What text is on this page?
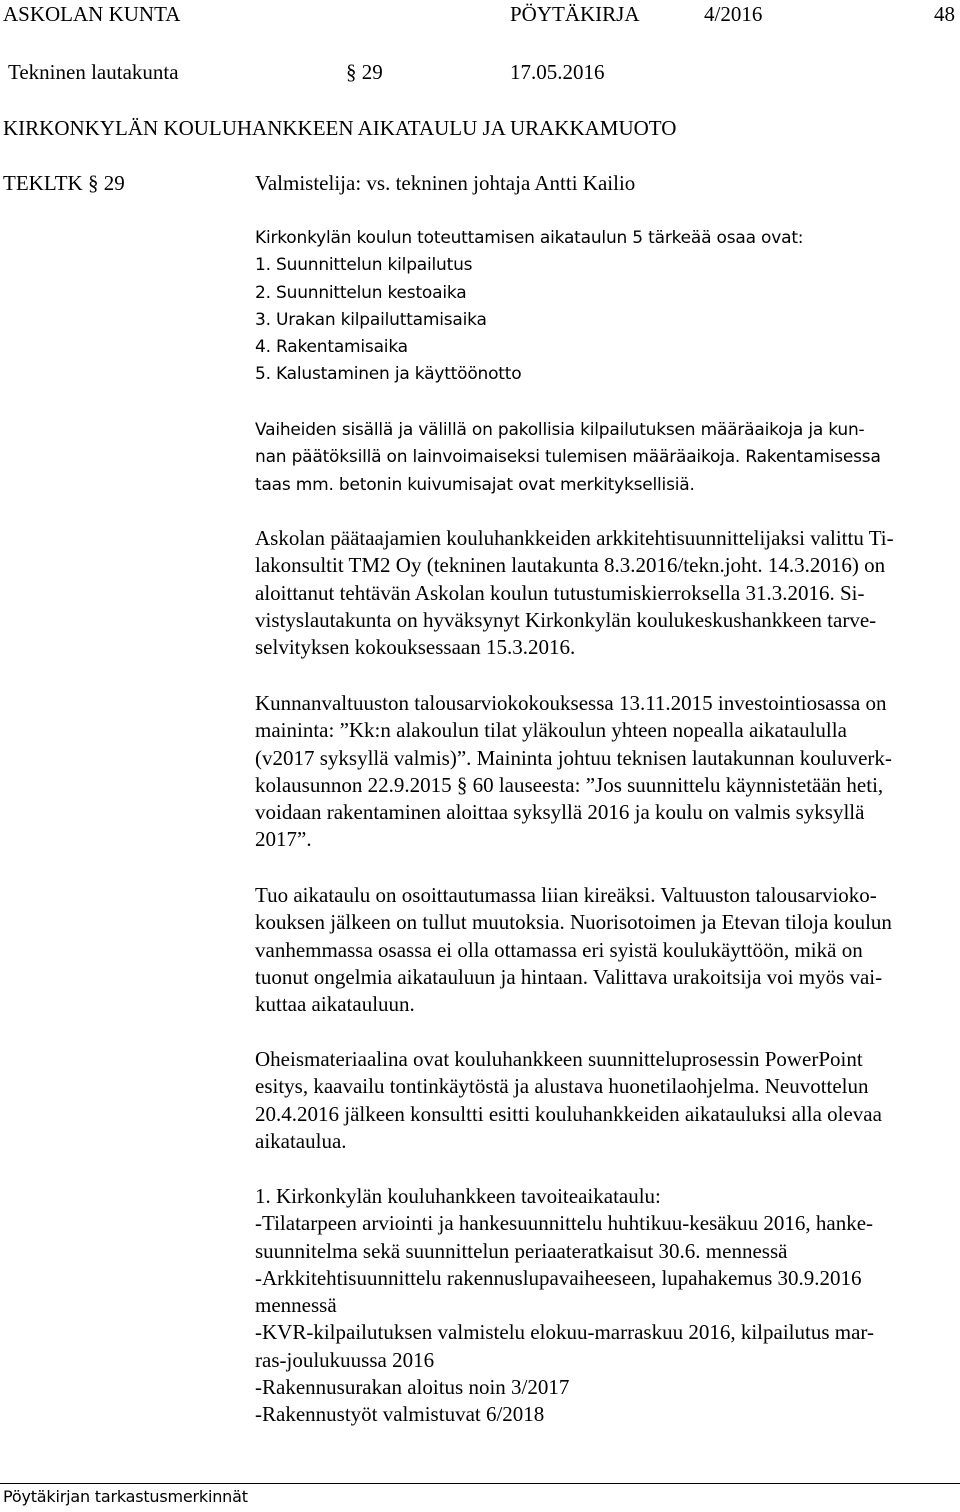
ASKOLAN KUNTA	PÖYTÄKIRJA	4/2016	48
Tekninen lautakunta	§ 29	17.05.2016
KIRKONKYLÄN KOULUHANKKEEN AIKATAULU JA URAKKAMUOTO
TEKLTK § 29	Valmistelija: vs. tekninen johtaja Antti Kailio
Kirkonkylän koulun toteuttamisen aikataulun 5 tärkeää osaa ovat:
1. Suunnittelun kilpailutus
2. Suunnittelun kestoaika
3. Urakan kilpailuttamisaika
4. Rakentamisaika
5. Kalustaminen ja käyttöönotto
Vaiheiden sisällä ja välillä on pakollisia kilpailutuksen määräaikoja ja kun-
nan päätöksillä on lainvoimaiseksi tulemisen määräaikoja. Rakentamisessa
taas mm. betonin kuivumisajat ovat merkityksellisiä.
Askolan päätaajamien kouluhankkeiden arkkitehtisuunnittelijaksi valittu Ti-
lakonsultit TM2 Oy (tekninen lautakunta 8.3.2016/tekn.joht. 14.3.2016) on
aloittanut tehtävän Askolan koulun tutustumiskierroksella 31.3.2016. Si-
vistyslautakunta on hyväksynyt Kirkonkylän koulukeskushankkeen tarve-
selvityksen kokouksessaan 15.3.2016.
Kunnanvaltuuston talousarviokokouksessa 13.11.2015 investointiosassa on
maininta: ”Kk:n alakoulun tilat yläkoulun yhteen nopealla aikataululla
(v2017 syksyllä valmis)”. Maininta johtuu teknisen lautakunnan kouluverk-
kolausunnon 22.9.2015 § 60 lauseesta: ”Jos suunnittelu käynnistetään heti,
voidaan rakentaminen aloittaa syksyllä 2016 ja koulu on valmis syksyllä
2017”.
Tuo aikataulu on osoittautumassa liian kireäksi. Valtuuston talousarvioko-
kouksen jälkeen on tullut muutoksia. Nuorisotoimen ja Etevan tiloja koulun
vanhemmassa osassa ei olla ottamassa eri syistä koulukäyttöön, mikä on
tuonut ongelmia aikatauluun ja hintaan. Valittava urakoitsija voi myös vai-
kuttaa aikatauluun.
Oheismateriaalina ovat kouluhankkeen suunnitteluprosessin PowerPoint
esitys, kaavailu tontinkäytöstä ja alustava huonetilaohjelma. Neuvottelun
20.4.2016 jälkeen konsultti esitti kouluhankkeiden aikatauluksi alla olevaa
aikataulua.
1. Kirkonkylän kouluhankkeen tavoiteaikataulu:
-Tilatarpeen arviointi ja hankesuunnittelu huhtikuu-kesäkuu 2016, hanke-
suunnitelma sekä suunnittelun periaateratkaisut 30.6. mennessä
-Arkkitehtisuunnittelu rakennuslupavaiheeseen, lupahakemus 30.9.2016
mennessä
-KVR-kilpailutuksen valmistelu elokuu-marraskuu 2016, kilpailutus mar-
ras-joulukuussa 2016
-Rakennusurakan aloitus noin 3/2017
-Rakennustyöt valmistuvat 6/2018
Pöytäkirjan tarkastusmerkinnät
